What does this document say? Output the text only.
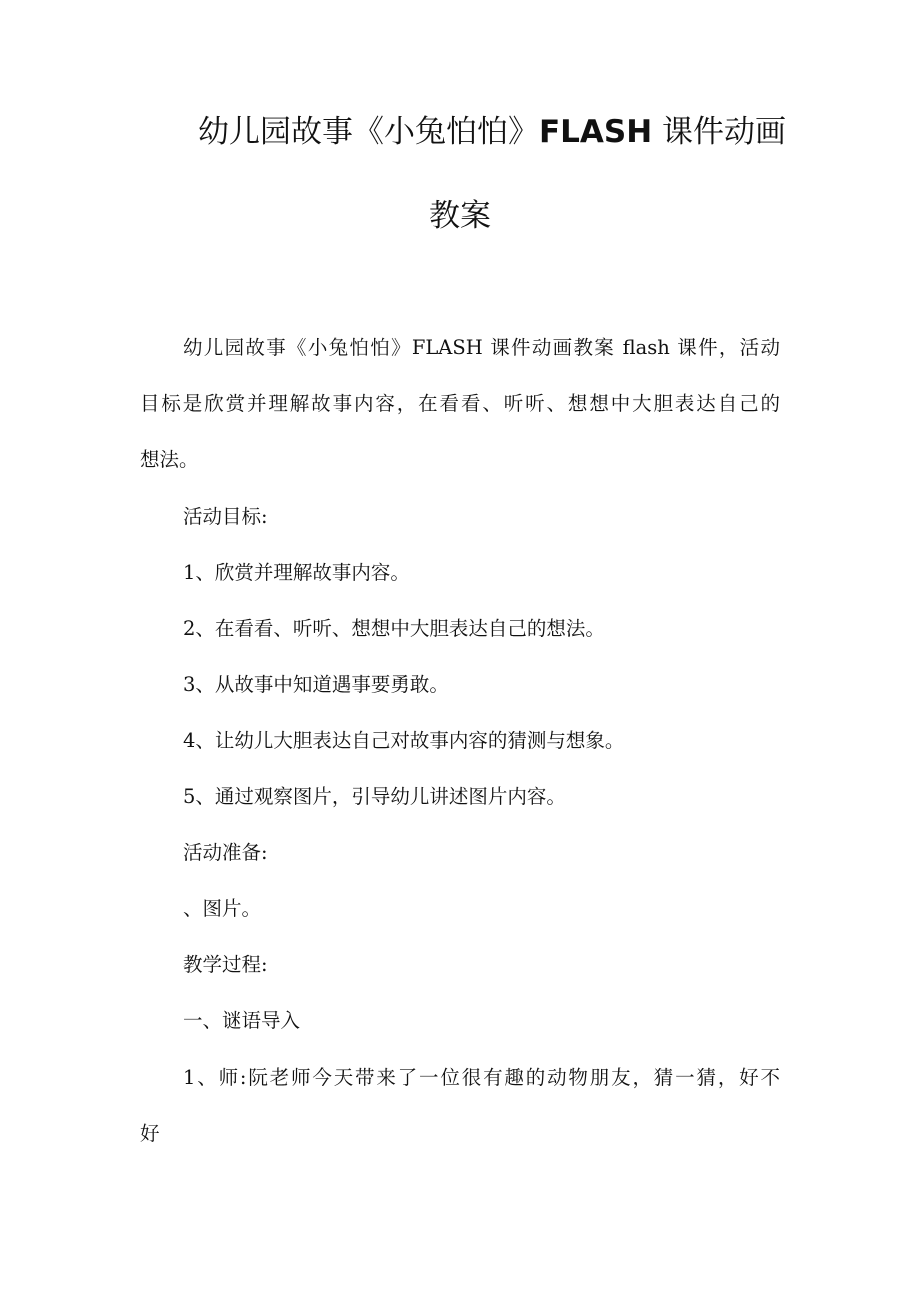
幼儿园故事《小兔怕怕》FLASH 课件动画
教案
幼儿园故事《小兔怕怕》FLASH 课件动画教案 flash 课件，活动
目标是欣赏并理解故事内容，在看看、听听、想想中大胆表达自己的
想法。
活动目标:
1、欣赏并理解故事内容。
2、在看看、听听、想想中大胆表达自己的想法。
3、从故事中知道遇事要勇敢。
4、让幼儿大胆表达自己对故事内容的猜测与想象。
5、通过观察图片，引导幼儿讲述图片内容。
活动准备:
、图片。
教学过程:
一、谜语导入
1、师:阮老师今天带来了一位很有趣的动物朋友，猜一猜，好不
好
